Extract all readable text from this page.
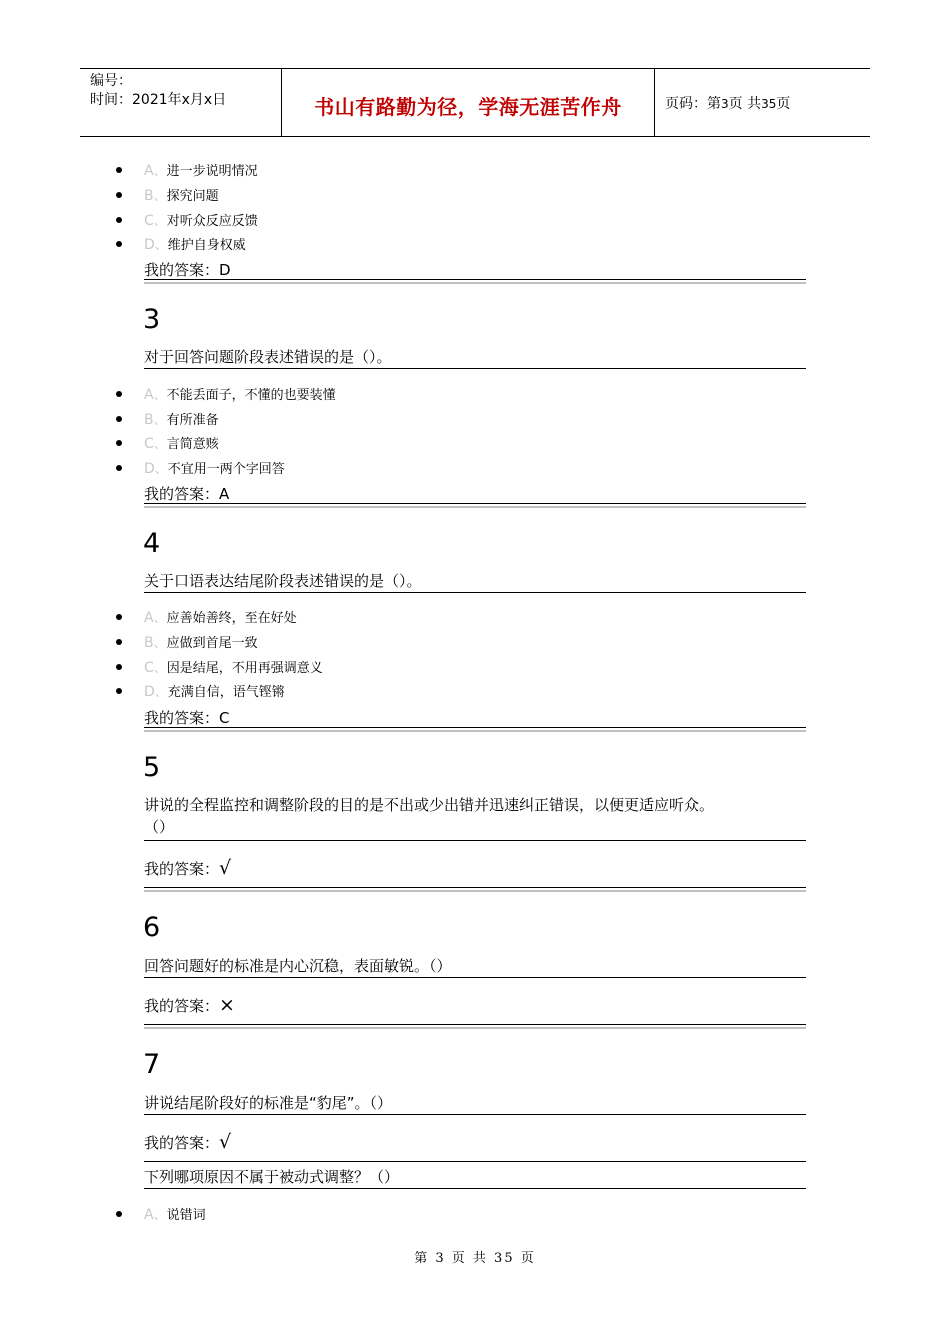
编号：
时间：2021年x月x日	书山有路勤为径，学海无涯苦作舟	页码：第3页 共35页
A、进一步说明情况
B、探究问题
C、对听众反应反馈
D、维护自身权威
我的答案：D
3
对于回答问题阶段表述错误的是（）。
A、不能丢面子，不懂的也要装懂
B、有所准备
C、言简意赅
D、不宜用一两个字回答
我的答案：A
4
关于口语表达结尾阶段表述错误的是（）。
A、应善始善终，至在好处
B、应做到首尾一致
C、因是结尾，不用再强调意义
D、充满自信，语气铿锵
我的答案：C
5
讲说的全程监控和调整阶段的目的是不出或少出错并迅速纠正错误，以便更适应听众。
（）
我的答案：√
6
回答问题好的标准是内心沉稳，表面敏锐。（）
我的答案：×
7
讲说结尾阶段好的标准是“豹尾”。（）
我的答案：√
下列哪项原因不属于被动式调整？（）
A、说错词
第 3 页 共 35 页
